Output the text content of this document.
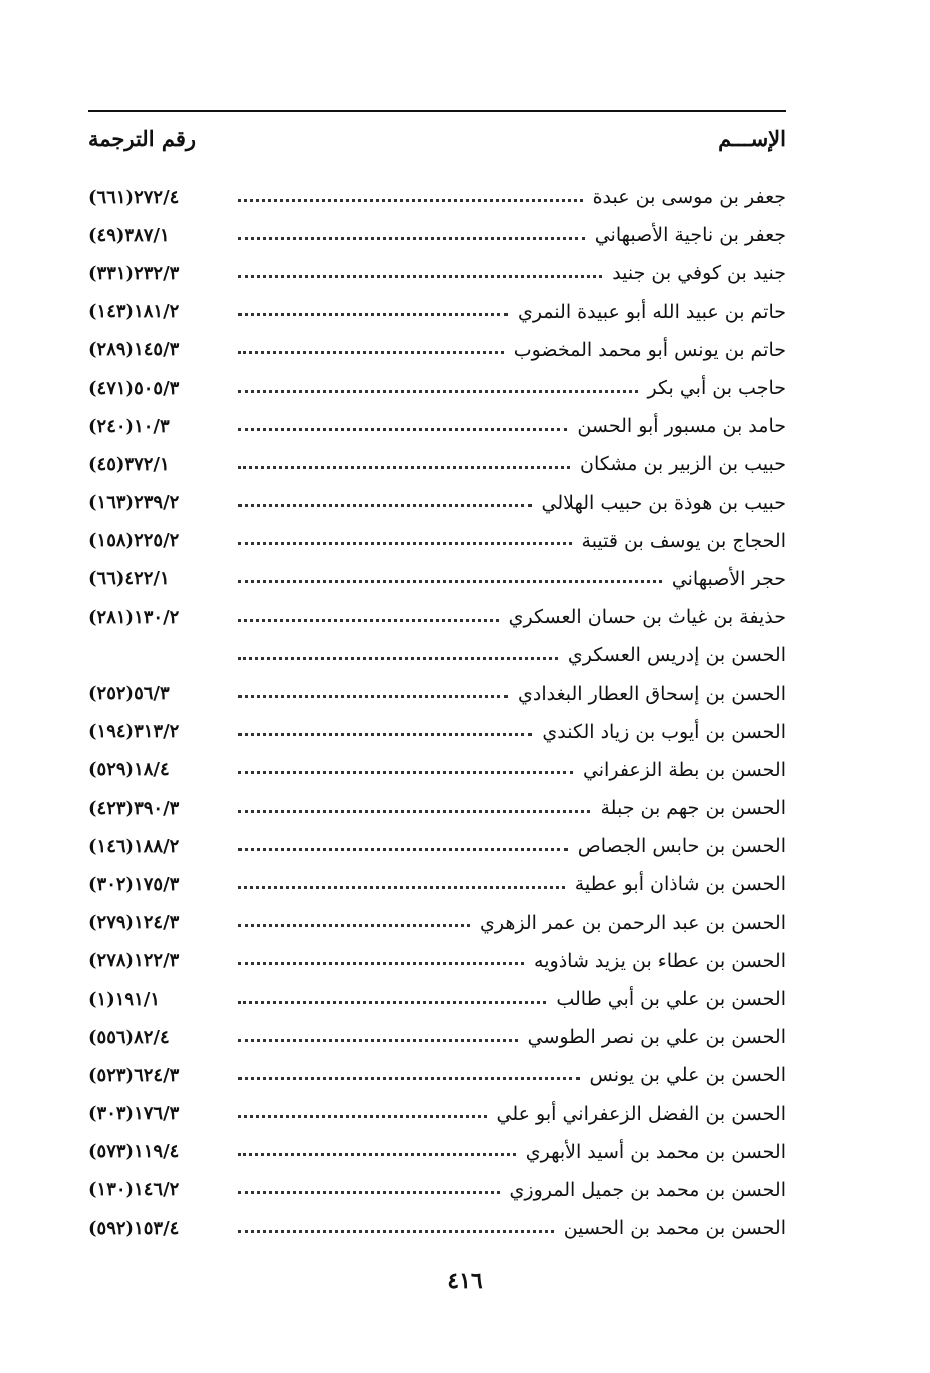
الإســـم
رقم الترجمة
جعفر بن موسى بن عبدة
(٦٦١)٢٧٢/٤
جعفر بن ناجية الأصبهاني
(٤٩)٣٨٧/١
جنيد بن كوفي بن جنيد
(٣٣١)٢٣٢/٣
حاتم بن عبيد الله أبو عبيدة النمري
(١٤٣)١٨١/٢
حاتم بن يونس أبو محمد المخضوب
(٢٨٩)١٤٥/٣
حاجب بن أبي بكر
(٤٧١)٥٠٥/٣
حامد بن مسبور أبو الحسن
(٢٤٠)١٠/٣
حبيب بن الزبير بن مشكان
(٤٥)٣٧٢/١
حبيب بن هوذة بن حبيب الهلالي
(١٦٣)٢٣٩/٢
الحجاج بن يوسف بن قتيبة
(١٥٨)٢٢٥/٢
حجر الأصبهاني
(٦٦)٤٢٢/١
حذيفة بن غياث بن حسان العسكري
(٢٨١)١٣٠/٢
الحسن بن إدريس العسكري
الحسن بن إسحاق العطار البغدادي
(٢٥٢)٥٦/٣
الحسن بن أيوب بن زياد الكندي
(١٩٤)٣١٣/٢
الحسن بن بطة الزعفراني
(٥٢٩)١٨/٤
الحسن بن جهم بن جبلة
(٤٢٣)٣٩٠/٣
الحسن بن حابس الجصاص
(١٤٦)١٨٨/٢
الحسن بن شاذان أبو عطية
(٣٠٢)١٧٥/٣
الحسن بن عبد الرحمن بن عمر الزهري
(٢٧٩)١٢٤/٣
الحسن بن عطاء بن يزيد شاذويه
(٢٧٨)١٢٢/٣
الحسن بن علي بن أبي طالب
(١)١٩١/١
الحسن بن علي بن نصر الطوسي
(٥٥٦)٨٢/٤
الحسن بن علي بن يونس
(٥٢٣)٦٢٤/٣
الحسن بن الفضل الزعفراني أبو علي
(٣٠٣)١٧٦/٣
الحسن بن محمد بن أسيد الأبهري
(٥٧٣)١١٩/٤
الحسن بن محمد بن جميل المروزي
(١٣٠)١٤٦/٢
الحسن بن محمد بن الحسين
(٥٩٢)١٥٣/٤
٤١٦
